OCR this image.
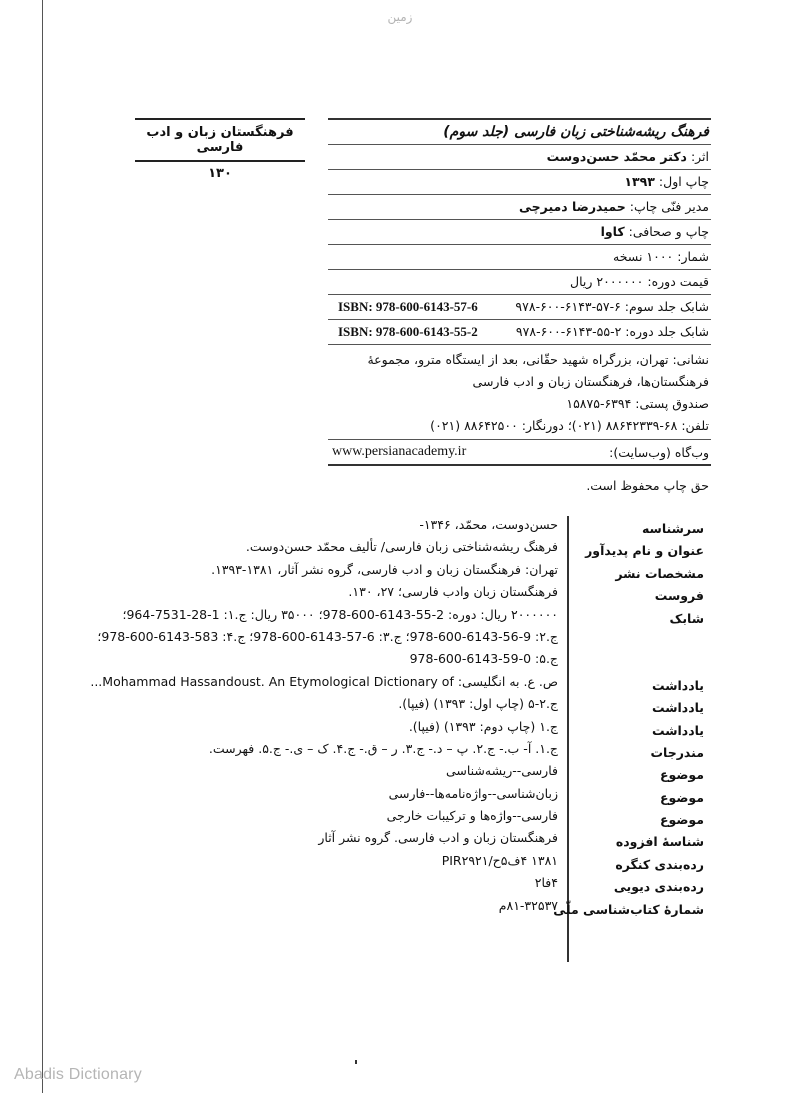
زمین
فرهنگستان زبان و ادب فارسی
۱۳۰
فرهنگ ریشه‌شناختی زبان فارسی (جلد سوم)
اثر: دکتر محمّد حسن‌دوست
چاپ اول: ۱۳۹۳
مدیر فنّی چاپ: حمیدرضا دمیرچی
چاپ و صحافی: کاوا
شمار: ۱۰۰۰ نسخه
قیمت دوره: ۲۰۰۰۰۰۰ ریال
شابک جلد سوم: ۶-۵۷-۶۱۴۳-۶۰۰-۹۷۸
ISBN: 978-600-6143-57-6
شابک جلد دوره: ۲-۵۵-۶۱۴۳-۶۰۰-۹۷۸
ISBN: 978-600-6143-55-2
نشانی: تهران، بزرگراه شهید حقّانی، بعد از ایستگاه مترو، مجموعهٔ
فرهنگستان‌ها، فرهنگستان زبان و ادب فارسی
صندوق پستی: ۶۳۹۴-۱۵۸۷۵
تلفن: ۶۸-۸۸۶۴۲۳۳۹ (۰۲۱)؛ دورنگار: ۸۸۶۴۲۵۰۰ (۰۲۱)
وب‌گاه (وب‌سایت):
www.persianacademy.ir
حق چاپ محفوظ است.
سرشناسه
عنوان و نام پدیدآور
مشخصات نشر
فروست
شابک
یادداشت
یادداشت
یادداشت
مندرجات
موضوع
موضوع
موضوع
شناسهٔ افزوده
رده‌بندی کنگره
رده‌بندی دیویی
شمارهٔ کتاب‌شناسی ملّی
حسن‌دوست، محمّد، ۱۳۴۶-
فرهنگ ریشه‌شناختی زبان فارسی/ تألیف محمّد حسن‌دوست.
تهران: فرهنگستان زبان و ادب فارسی، گروه نشر آثار، ۱۳۸۱-۱۳۹۳.
فرهنگستان زبان وادب فارسی؛ ۲۷، ۱۳۰.
۲۰۰۰۰۰۰ ریال: دوره: 2-55-6143-600-978؛ ۳۵۰۰۰ ریال: ج.۱: 1-28-7531-964؛
ج.۲: 9-56-6143-600-978؛ ج.۳: 6-57-6143-600-978؛ ج.۴: 583-6143-600-978؛
ج.۵: 0-59-6143-600-978
ص. ع. به انگلیسی: Mohammad Hassandoust. An Etymological Dictionary of...
ج.۲-۵ (چاپ اول: ۱۳۹۳) (فیپا).
ج.۱ (چاپ دوم: ۱۳۹۳) (فیپا).
ج.۱. آ- ب.- ج.۲. پ – د.- ج.۳. ر – ق.- ج.۴. ک – ی.- ج.۵. فهرست.
فارسی--ریشه‌شناسی
زبان‌شناسی--واژه‌نامه‌ها--فارسی
فارسی--واژه‌ها و ترکیبات خارجی
فرهنگستان زبان و ادب فارسی. گروه نشر آثار
۱۳۸۱ ۴ف۵ح/PIR۲۹۲۱
۴فا۲
۸۱-۳۲۵۳۷م
Abadis Dictionary
